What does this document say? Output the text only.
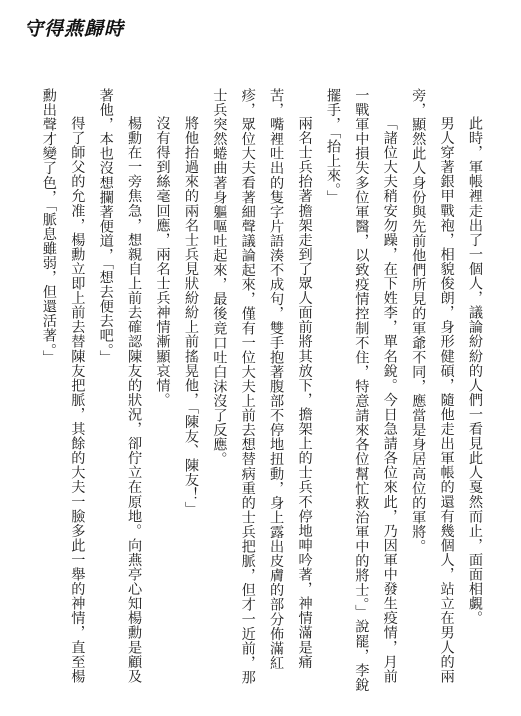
守得燕歸時

此時，軍帳裡走出了一個人，議論紛紛的人們一看見此人戛然而止，面面相覷。

男人穿著銀甲戰袍，相貌俊朗，身形健碩，隨他走出軍帳的還有幾個人，站立在男人的兩旁，顯然此人身份與先前他們所見的軍爺不同，應當是身居高位的軍將。

「諸位大夫稍安勿躁，在下姓李，單名銳。今日急請各位來此，乃因軍中發生疫情，月前一戰軍中損失多位軍醫，以致疫情控制不住，特意請來各位幫忙救治軍中的將士。」說罷，李銳擺手，「抬上來。」

兩名士兵抬著擔架走到了眾人面前將其放下，擔架上的士兵不停地呻吟著，神情滿是痛苦，嘴裡吐出的隻字片語湊不成句，雙手抱著腹部不停地扭動，身上露出皮膚的部分佈滿紅疹，眾位大夫看著細聲議論起來，僅有一位大夫上前去想替病重的士兵把脈，但才一近前，那士兵突然蜷曲著身軀嘔吐起來，最後竟口吐白沫沒了反應。

將他抬過來的兩名士兵見狀紛紛上前搖晃他，「陳友、陳友！」

沒有得到絲毫回應，兩名士兵神情漸顯哀情。

楊勳在一旁焦急，想親自上前去確認陳友的狀況，卻佇立在原地。向燕亭心知楊勳是顧及著他，本也沒想攔著便道，「想去便去吧。」

得了師父的允准，楊勳立即上前去替陳友把脈，其餘的大夫一臉多此一舉的神情，直至楊勳出聲才變了色，「脈息雖弱，但還活著。」
